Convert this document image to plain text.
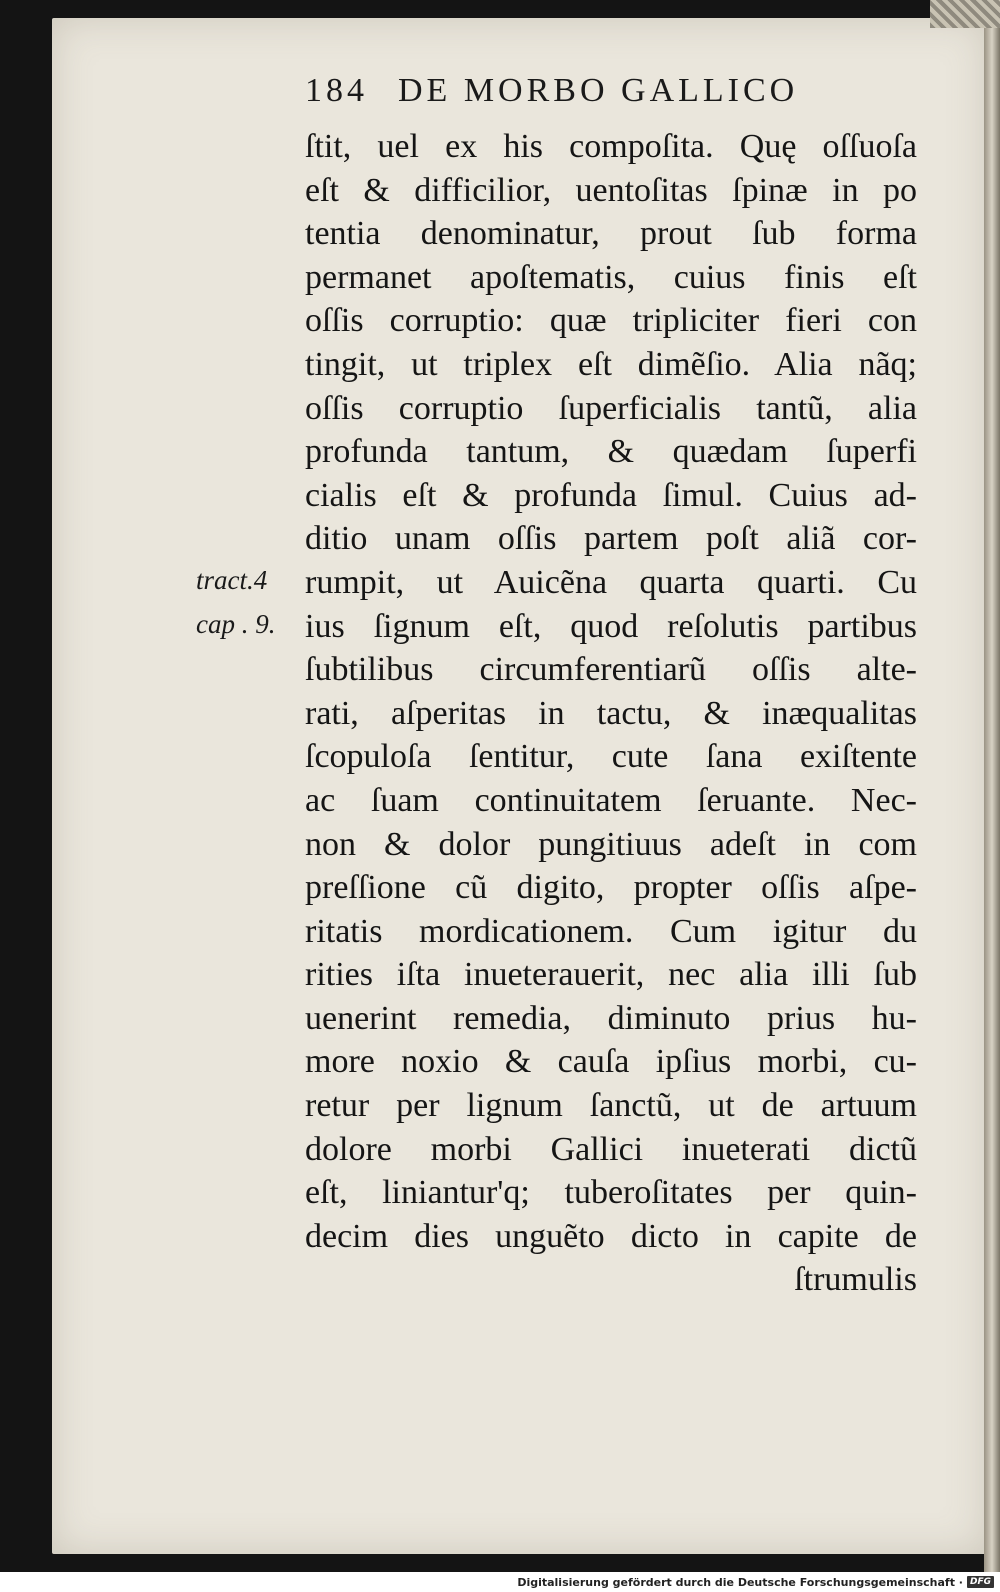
184 DE MORBO GALLICO
tract.4
cap . 9.
ſtit, uel ex his compoſita. Quę oſſuoſa
eſt & difficilior, uentoſitas ſpinæ in po
tentia denominatur, prout ſub forma
permanet apoſtematis, cuius finis eſt
oſſis corruptio: quæ tripliciter fieri con
tingit, ut triplex eſt dimẽſio. Alia nãq;
oſſis corruptio ſuperficialis tantũ, alia
profunda tantum, & quædam ſuperfi
cialis eſt & profunda ſimul. Cuius ad-
ditio unam oſſis partem poſt aliã cor-
rumpit, ut Auicẽna quarta quarti. Cu
ius ſignum eſt, quod reſolutis partibus
ſubtilibus circumferentiarũ oſſis alte-
rati, aſperitas in tactu, & inæqualitas
ſcopuloſa ſentitur, cute ſana exiſtente
ac ſuam continuitatem ſeruante. Nec-
non & dolor pungitiuus adeſt in com
preſſione cũ digito, propter oſſis aſpe-
ritatis mordicationem. Cum igitur du
rities iſta inueterauerit, nec alia illi ſub
uenerint remedia, diminuto prius hu-
more noxio & cauſa ipſius morbi, cu-
retur per lignum ſanctũ, ut de artuum
dolore morbi Gallici inueterati dictũ
eſt, liniantur'q; tuberoſitates per quin-
decim dies unguẽto dicto in capite de
ſtrumulis
Digitalisierung gefördert durch die Deutsche Forschungsgemeinschaft · DFG
